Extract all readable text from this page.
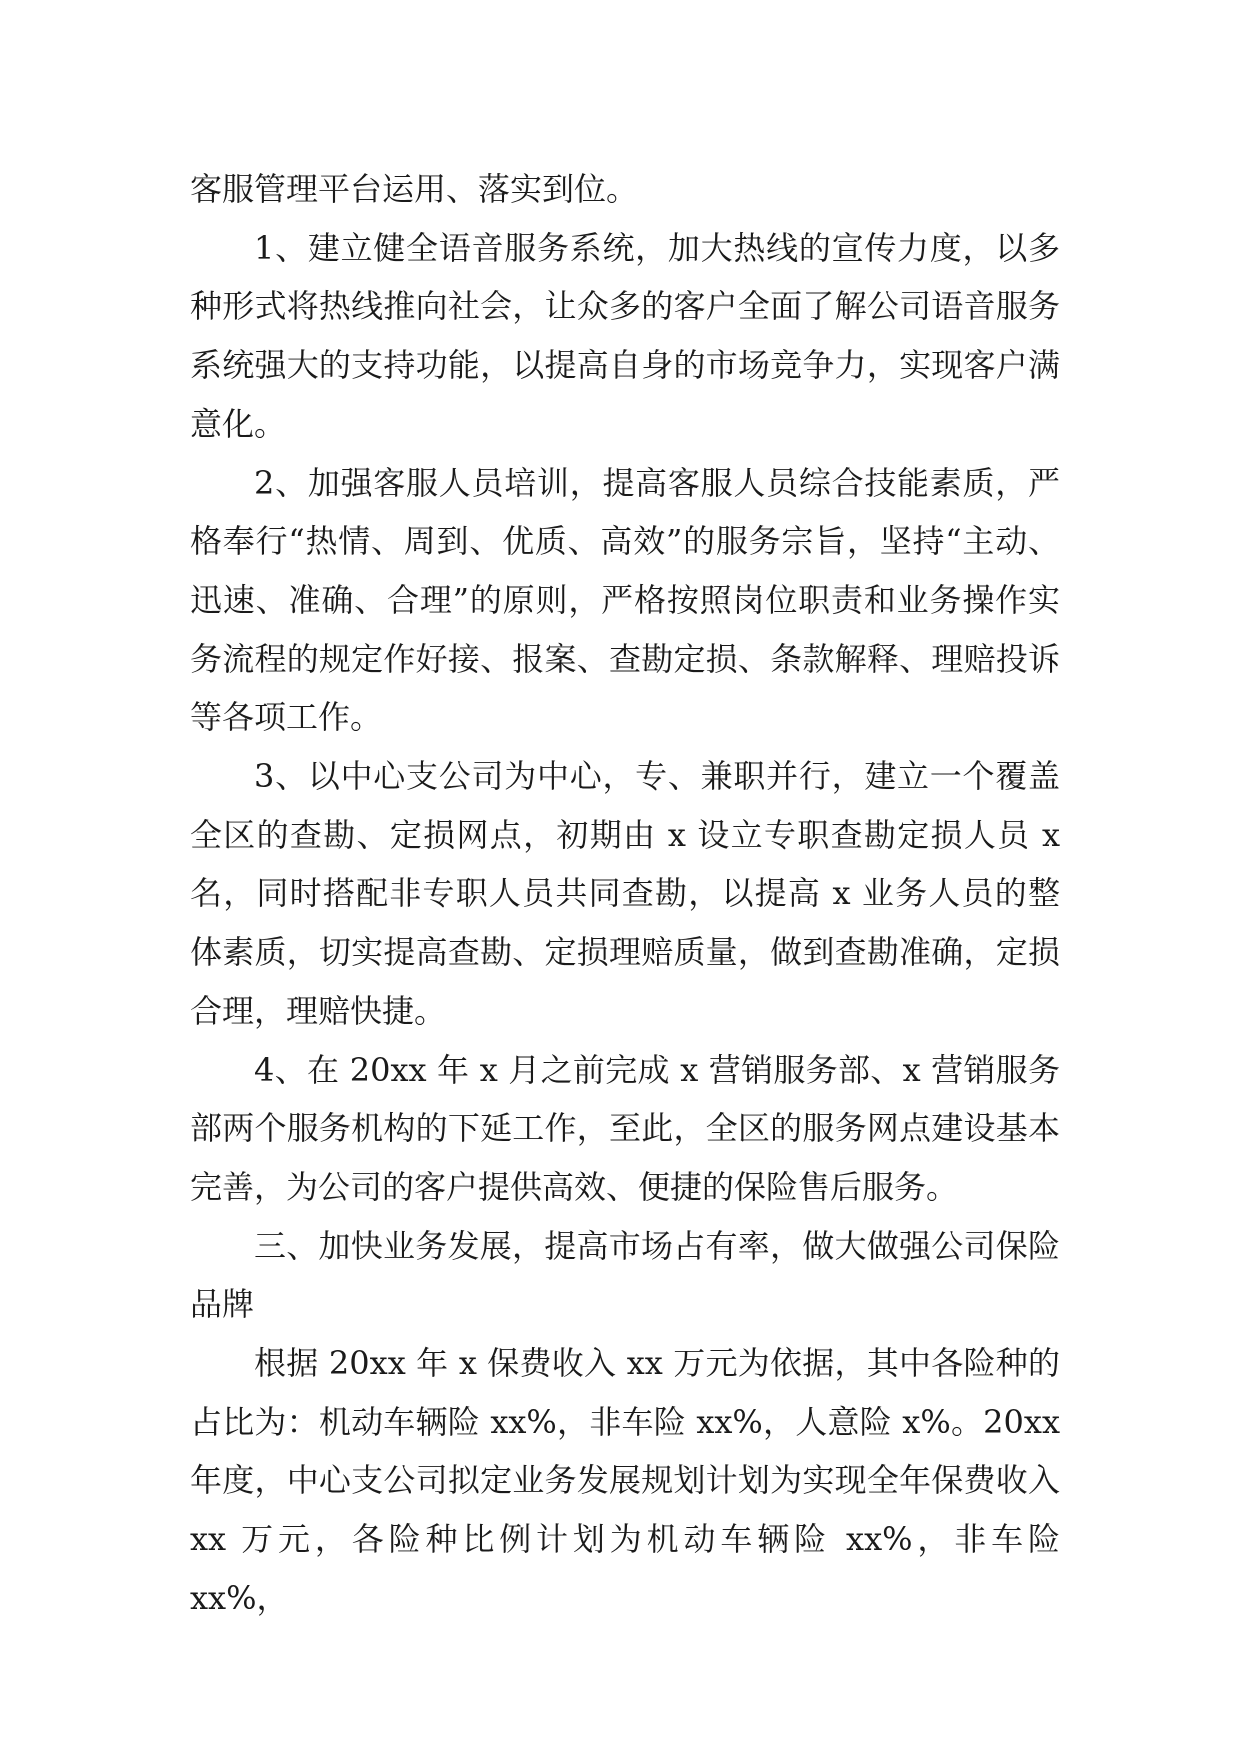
客服管理平台运用、落实到位。

1、建立健全语音服务系统，加大热线的宣传力度，以多种形式将热线推向社会，让众多的客户全面了解公司语音服务系统强大的支持功能，以提高自身的市场竞争力，实现客户满意化。

2、加强客服人员培训，提高客服人员综合技能素质，严格奉行“热情、周到、优质、高效”的服务宗旨，坚持“主动、迅速、准确、合理”的原则，严格按照岗位职责和业务操作实务流程的规定作好接、报案、查勘定损、条款解释、理赔投诉等各项工作。

3、以中心支公司为中心，专、兼职并行，建立一个覆盖全区的查勘、定损网点，初期由 x 设立专职查勘定损人员 x 名，同时搭配非专职人员共同查勘，以提高 x 业务人员的整体素质，切实提高查勘、定损理赔质量，做到查勘准确，定损合理，理赔快捷。

4、在 20xx 年 x 月之前完成 x 营销服务部、x 营销服务部两个服务机构的下延工作，至此，全区的服务网点建设基本完善，为公司的客户提供高效、便捷的保险售后服务。

三、加快业务发展，提高市场占有率，做大做强公司保险品牌

根据 20xx 年 x 保费收入 xx 万元为依据，其中各险种的占比为：机动车辆险 xx%，非车险 xx%，人意险 x%。20xx 年度，中心支公司拟定业务发展规划计划为实现全年保费收入 xx 万元，各险种比例计划为机动车辆险 xx%，非车险 xx%，
